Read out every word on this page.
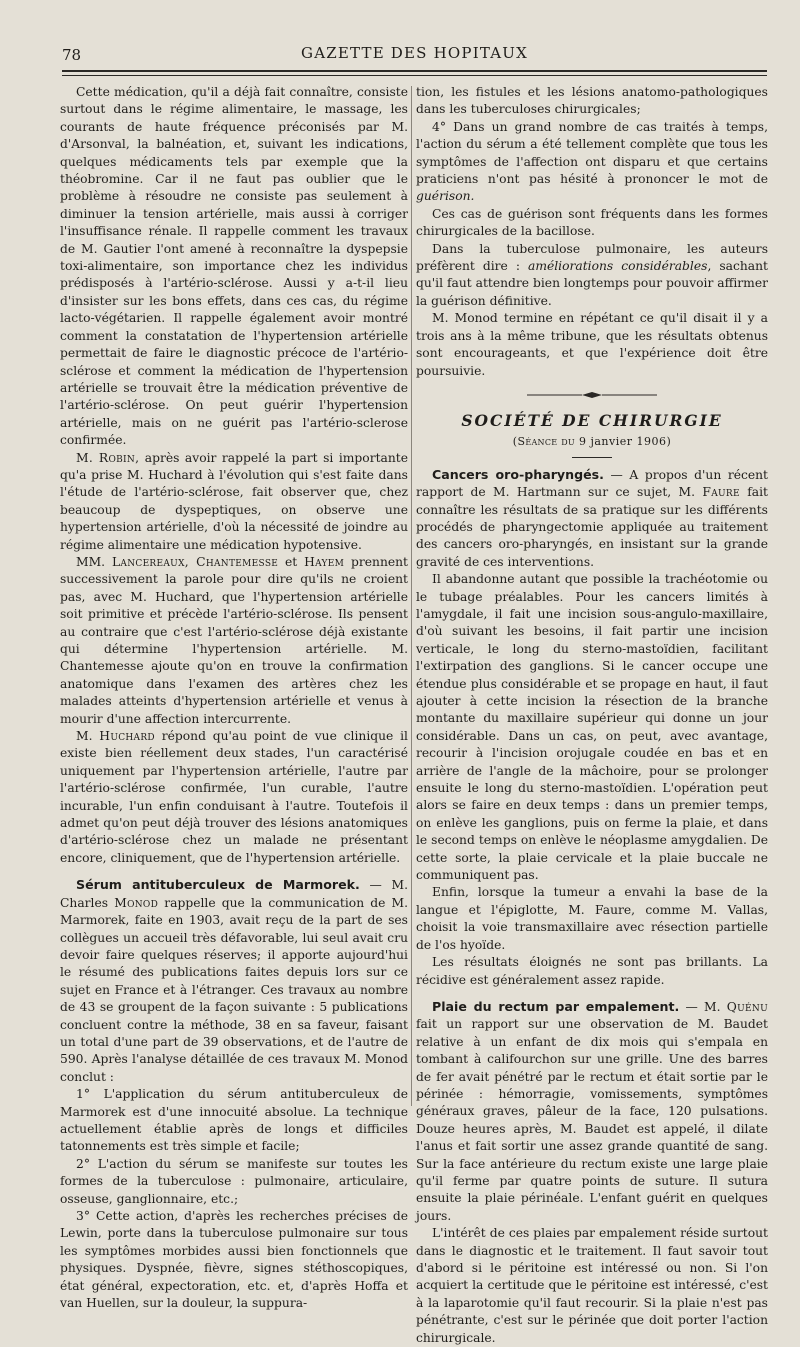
78	GAZETTE DES HOPITAUX

Cette médication, qu'il a déjà fait connaître, consiste surtout dans le régime alimentaire, le massage, les courants de haute fréquence préconisés par M. d'Arsonval, la balnéation, et, suivant les indications, quelques médicaments tels par exemple que la théobromine. Car il ne faut pas oublier que le problème à résoudre ne consiste pas seulement à diminuer la tension artérielle, mais aussi à corriger l'insuffisance rénale. Il rappelle comment les travaux de M. Gautier l'ont amené à reconnaître la dyspepsie toxi-alimentaire, son importance chez les individus prédisposés à l'artério-sclérose. Aussi y a-t-il lieu d'insister sur les bons effets, dans ces cas, du régime lacto-végétarien. Il rappelle également avoir montré comment la constatation de l'hypertension artérielle permettait de faire le diagnostic précoce de l'artério-sclérose et comment la médication de l'hypertension artérielle se trouvait être la médication préventive de l'artério-sclérose. On peut guérir l'hypertension artérielle, mais on ne guérit pas l'artério-sclerose confirmée.

M. Robin, après avoir rappelé la part si importante qu'a prise M. Huchard à l'évolution qui s'est faite dans l'étude de l'artério-sclérose, fait observer que, chez beaucoup de dyspeptiques, on observe une hypertension artérielle, d'où la nécessité de joindre au régime alimentaire une médication hypotensive.

MM. Lancereaux, Chantemesse et Hayem prennent successivement la parole pour dire qu'ils ne croient pas, avec M. Huchard, que l'hypertension artérielle soit primitive et précède l'artério-sclérose. Ils pensent au contraire que c'est l'artério-sclérose déjà existante qui détermine l'hypertension artérielle. M. Chantemesse ajoute qu'on en trouve la confirmation anatomique dans l'examen des artères chez les malades atteints d'hypertension artérielle et venus à mourir d'une affection intercurrente.

M. Huchard répond qu'au point de vue clinique il existe bien réellement deux stades, l'un caractérisé uniquement par l'hypertension artérielle, l'autre par l'artério-sclérose confirmée, l'un curable, l'autre incurable, l'un enfin conduisant à l'autre. Toutefois il admet qu'on peut déjà trouver des lésions anatomiques d'artério-sclérose chez un malade ne présentant encore, cliniquement, que de l'hypertension artérielle.

Sérum antituberculeux de Marmorek. — M. Charles Monod rappelle que la communication de M. Marmorek, faite en 1903, avait reçu de la part de ses collègues un accueil très défavorable, lui seul avait cru devoir faire quelques réserves; il apporte aujourd'hui le résumé des publications faites depuis lors sur ce sujet en France et à l'étranger. Ces travaux au nombre de 43 se groupent de la façon suivante : 5 publications concluent contre la méthode, 38 en sa faveur, faisant un total d'une part de 39 observations, et de l'autre de 590. Après l'analyse détaillée de ces travaux M. Monod conclut :

1° L'application du sérum antituberculeux de Marmorek est d'une innocuité absolue. La technique actuellement établie après de longs et difficiles tatonnements est très simple et facile;

2° L'action du sérum se manifeste sur toutes les formes de la tuberculose : pulmonaire, articulaire, osseuse, ganglionnaire, etc.;

3° Cette action, d'après les recherches précises de Lewin, porte dans la tuberculose pulmonaire sur tous les symptômes morbides aussi bien fonctionnels que physiques. Dyspnée, fièvre, signes stéthoscopiques, état général, expectoration, etc. et, d'après Hoffa et van Huellen, sur la douleur, la suppura-

tion, les fistules et les lésions anatomo-pathologiques dans les tuberculoses chirurgicales;

4° Dans un grand nombre de cas traités à temps, l'action du sérum a été tellement complète que tous les symptômes de l'affection ont disparu et que certains praticiens n'ont pas hésité à prononcer le mot de guérison.

Ces cas de guérison sont fréquents dans les formes chirurgicales de la bacillose.

Dans la tuberculose pulmonaire, les auteurs préfèrent dire : améliorations considérables, sachant qu'il faut attendre bien longtemps pour pouvoir affirmer la guérison définitive.

M. Monod termine en répétant ce qu'il disait il y a trois ans à la même tribune, que les résultats obtenus sont encourageants, et que l'expérience doit être poursuivie.

SOCIÉTÉ DE CHIRURGIE
(Séance du 9 janvier 1906)

Cancers oro-pharyngés. — A propos d'un récent rapport de M. Hartmann sur ce sujet, M. Faure fait connaître les résultats de sa pratique sur les différents procédés de pharyngectomie appliquée au traitement des cancers oro-pharyngés, en insistant sur la grande gravité de ces interventions.

Il abandonne autant que possible la trachéotomie ou le tubage préalables. Pour les cancers limités à l'amygdale, il fait une incision sous-angulo-maxillaire, d'où suivant les besoins, il fait partir une incision verticale, le long du sterno-mastoïdien, facilitant l'extirpation des ganglions. Si le cancer occupe une étendue plus considérable et se propage en haut, il faut ajouter à cette incision la résection de la branche montante du maxillaire supérieur qui donne un jour considérable. Dans un cas, on peut, avec avantage, recourir à l'incision orojugale coudée en bas et en arrière de l'angle de la mâchoire, pour se prolonger ensuite le long du sterno-mastoïdien. L'opération peut alors se faire en deux temps : dans un premier temps, on enlève les ganglions, puis on ferme la plaie, et dans le second temps on enlève le néoplasme amygdalien. De cette sorte, la plaie cervicale et la plaie buccale ne communiquent pas.

Enfin, lorsque la tumeur a envahi la base de la langue et l'épiglotte, M. Faure, comme M. Vallas, choisit la voie transmaxillaire avec résection partielle de l'os hyoïde.

Les résultats éloignés ne sont pas brillants. La récidive est généralement assez rapide.

Plaie du rectum par empalement. — M. Quénu fait un rapport sur une observation de M. Baudet relative à un enfant de dix mois qui s'empala en tombant à califourchon sur une grille. Une des barres de fer avait pénétré par le rectum et était sortie par le périnée : hémorragie, vomissements, symptômes généraux graves, pâleur de la face, 120 pulsations. Douze heures après, M. Baudet est appelé, il dilate l'anus et fait sortir une assez grande quantité de sang. Sur la face antérieure du rectum existe une large plaie qu'il ferme par quatre points de suture. Il sutura ensuite la plaie périnéale. L'enfant guérit en quelques jours.

L'intérêt de ces plaies par empalement réside surtout dans le diagnostic et le traitement. Il faut savoir tout d'abord si le péritoine est intéressé ou non. Si l'on acquiert la certitude que le péritoine est intéressé, c'est à la laparotomie qu'il faut recourir. Si la plaie n'est pas pénétrante, c'est sur le périnée que doit porter l'action chirurgicale.
